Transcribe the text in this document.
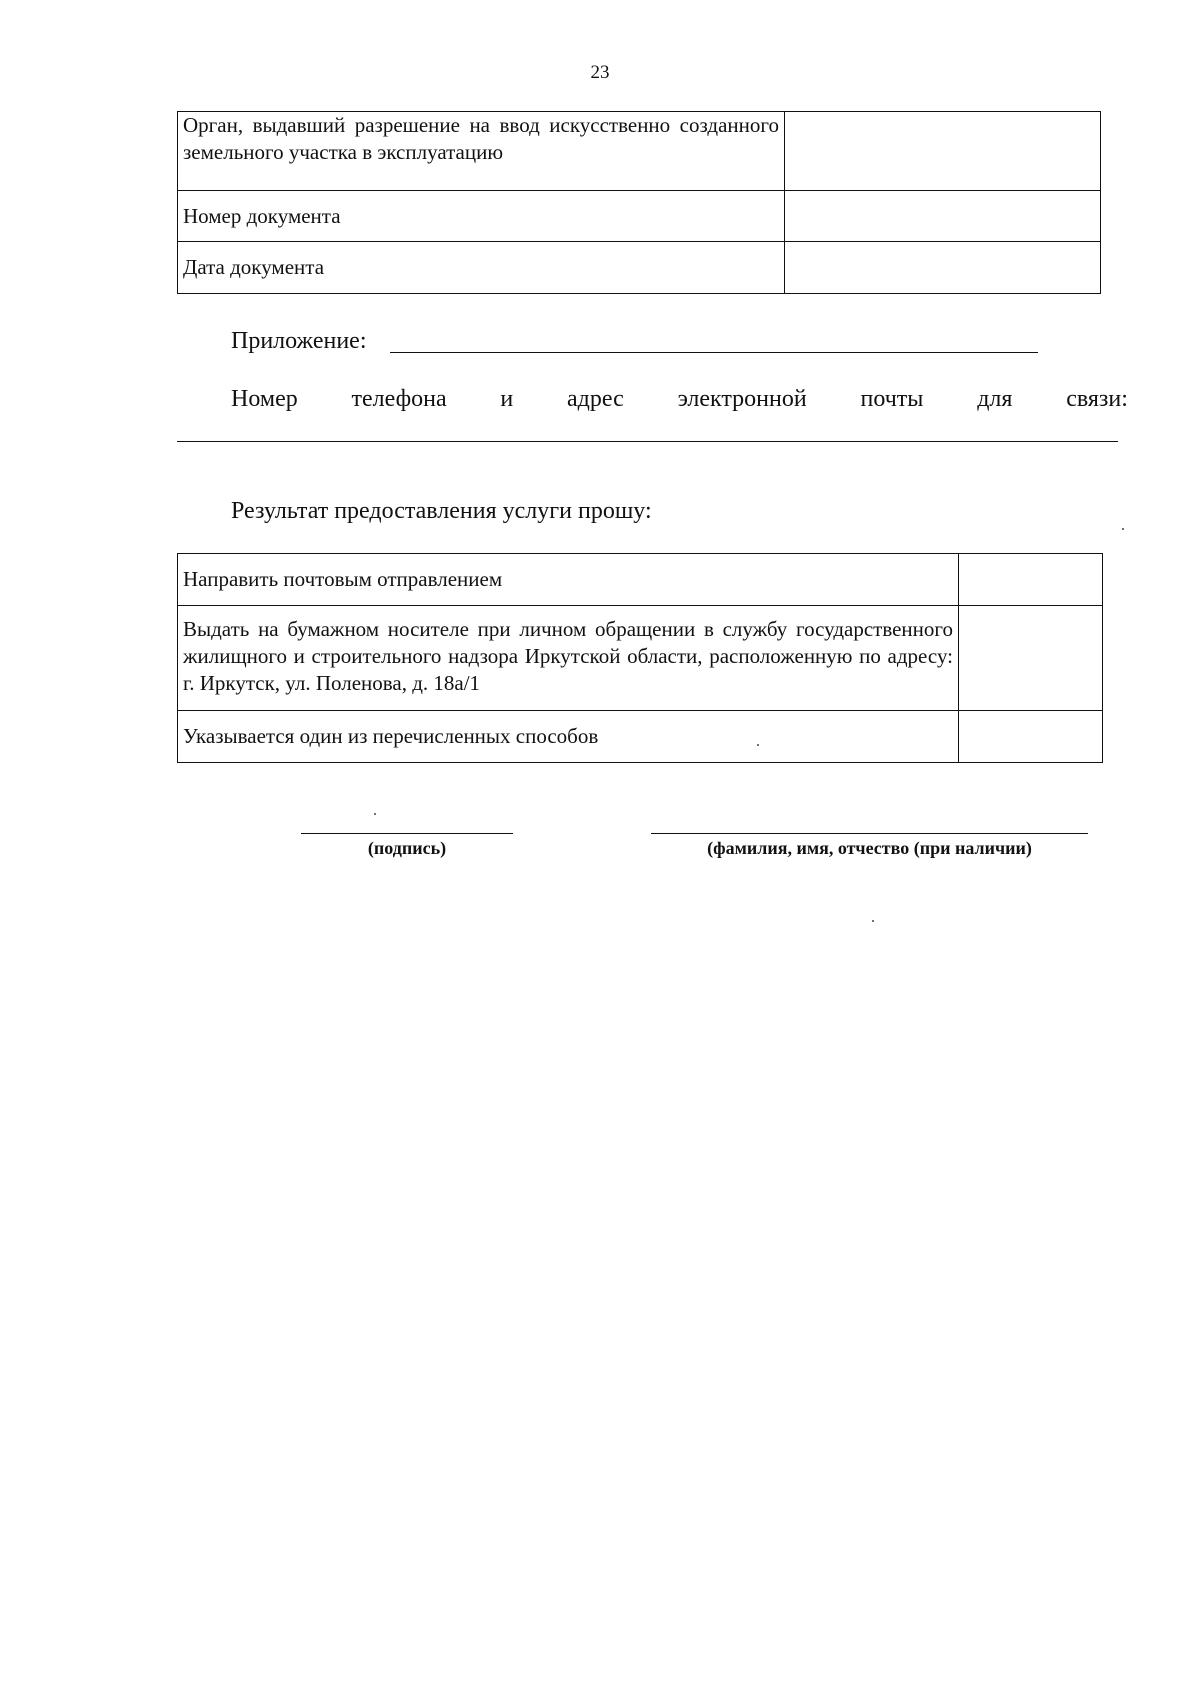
23
Орган, выдавший разрешение на ввод искусственно созданного земельного участка в эксплуатацию	
Номер документа	
Дата документа	
Приложение:
Номер телефона и адрес электронной почты для связи:
Результат предоставления услуги прошу:
Направить почтовым отправлением	
Выдать на бумажном носителе при личном обращении в службу государственного жилищного и строительного надзора Иркутской области, расположенную по адресу: г. Иркутск, ул. Поленова, д. 18а/1	
Указывается один из перечисленных способов	
(подпись)	(фамилия, имя, отчество (при наличии)
